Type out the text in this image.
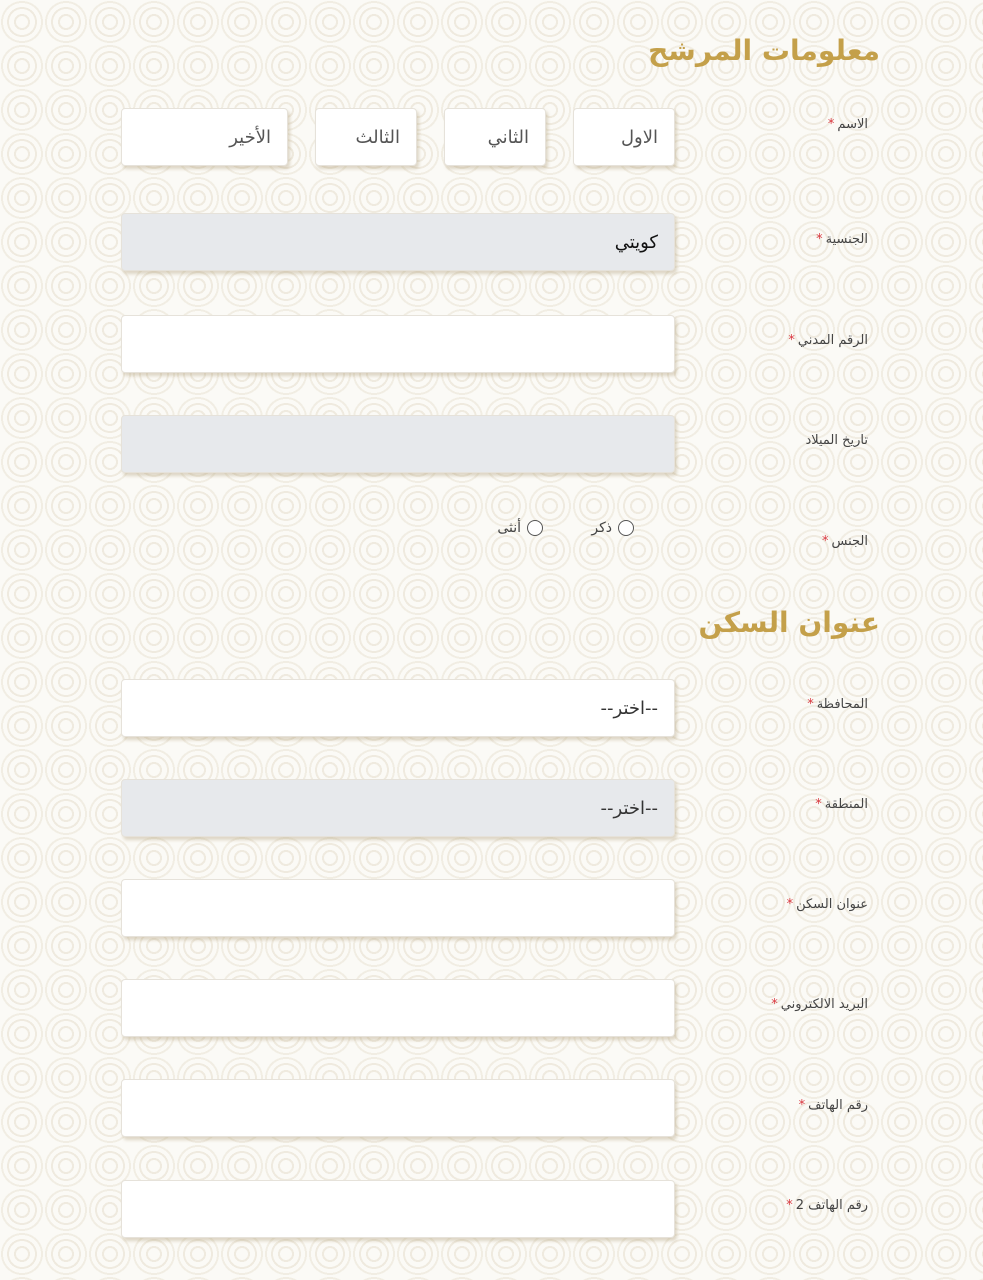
معلومات المرشح
الاسم*
الاول
الثاني
الثالث
الأخير
الجنسية*
كويتي
الرقم المدني*
تاريخ الميلاد
الجنس*
ذكر
أنثى
عنوان السكن
المحافظة*
--اختر--
المنطقة*
--اختر--
عنوان السكن*
البريد الالكتروني*
رقم الهاتف*
رقم الهاتف 2*
